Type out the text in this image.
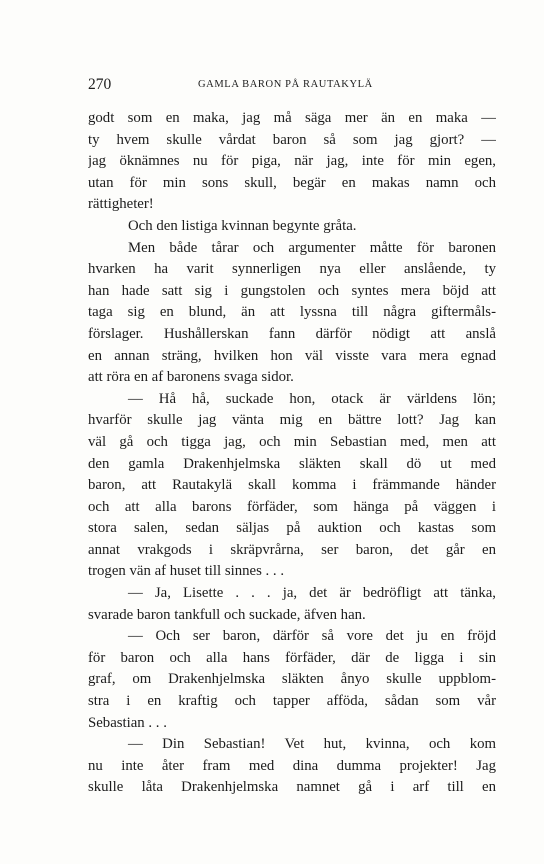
270	GAMLA BARON PÅ RAUTAKYLÄ
godt som en maka, jag må säga mer än en maka —
ty hvem skulle vårdat baron så som jag gjort? —
jag öknämnes nu för piga, när jag, inte för min egen,
utan för min sons skull, begär en makas namn och
rättigheter!
Och den listiga kvinnan begynte gråta.
Men både tårar och argumenter måtte för baronen
hvarken ha varit synnerligen nya eller anslående, ty
han hade satt sig i gungstolen och syntes mera böjd att
taga sig en blund, än att lyssna till några giftermåls-
förslager. Hushållerskan fann därför nödigt att anslå
en annan sträng, hvilken hon väl visste vara mera egnad
att röra en af baronens svaga sidor.
— Hå hå, suckade hon, otack är världens lön;
hvarför skulle jag vänta mig en bättre lott? Jag kan
väl gå och tigga jag, och min Sebastian med, men att
den gamla Drakenhjelmska släkten skall dö ut med
baron, att Rautakylä skall komma i främmande händer
och att alla barons förfäder, som hänga på väggen i
stora salen, sedan säljas på auktion och kastas som
annat vrakgods i skräpvrårna, ser baron, det går en
trogen vän af huset till sinnes . . .
— Ja, Lisette . . . ja, det är bedröfligt att tänka,
svarade baron tankfull och suckade, äfven han.
— Och ser baron, därför så vore det ju en fröjd
för baron och alla hans förfäder, där de ligga i sin
graf, om Drakenhjelmska släkten ånyo skulle uppblom-
stra i en kraftig och tapper afföda, sådan som vår
Sebastian . . .
— Din Sebastian! Vet hut, kvinna, och kom
nu inte åter fram med dina dumma projekter! Jag
skulle låta Drakenhjelmska namnet gå i arf till en
